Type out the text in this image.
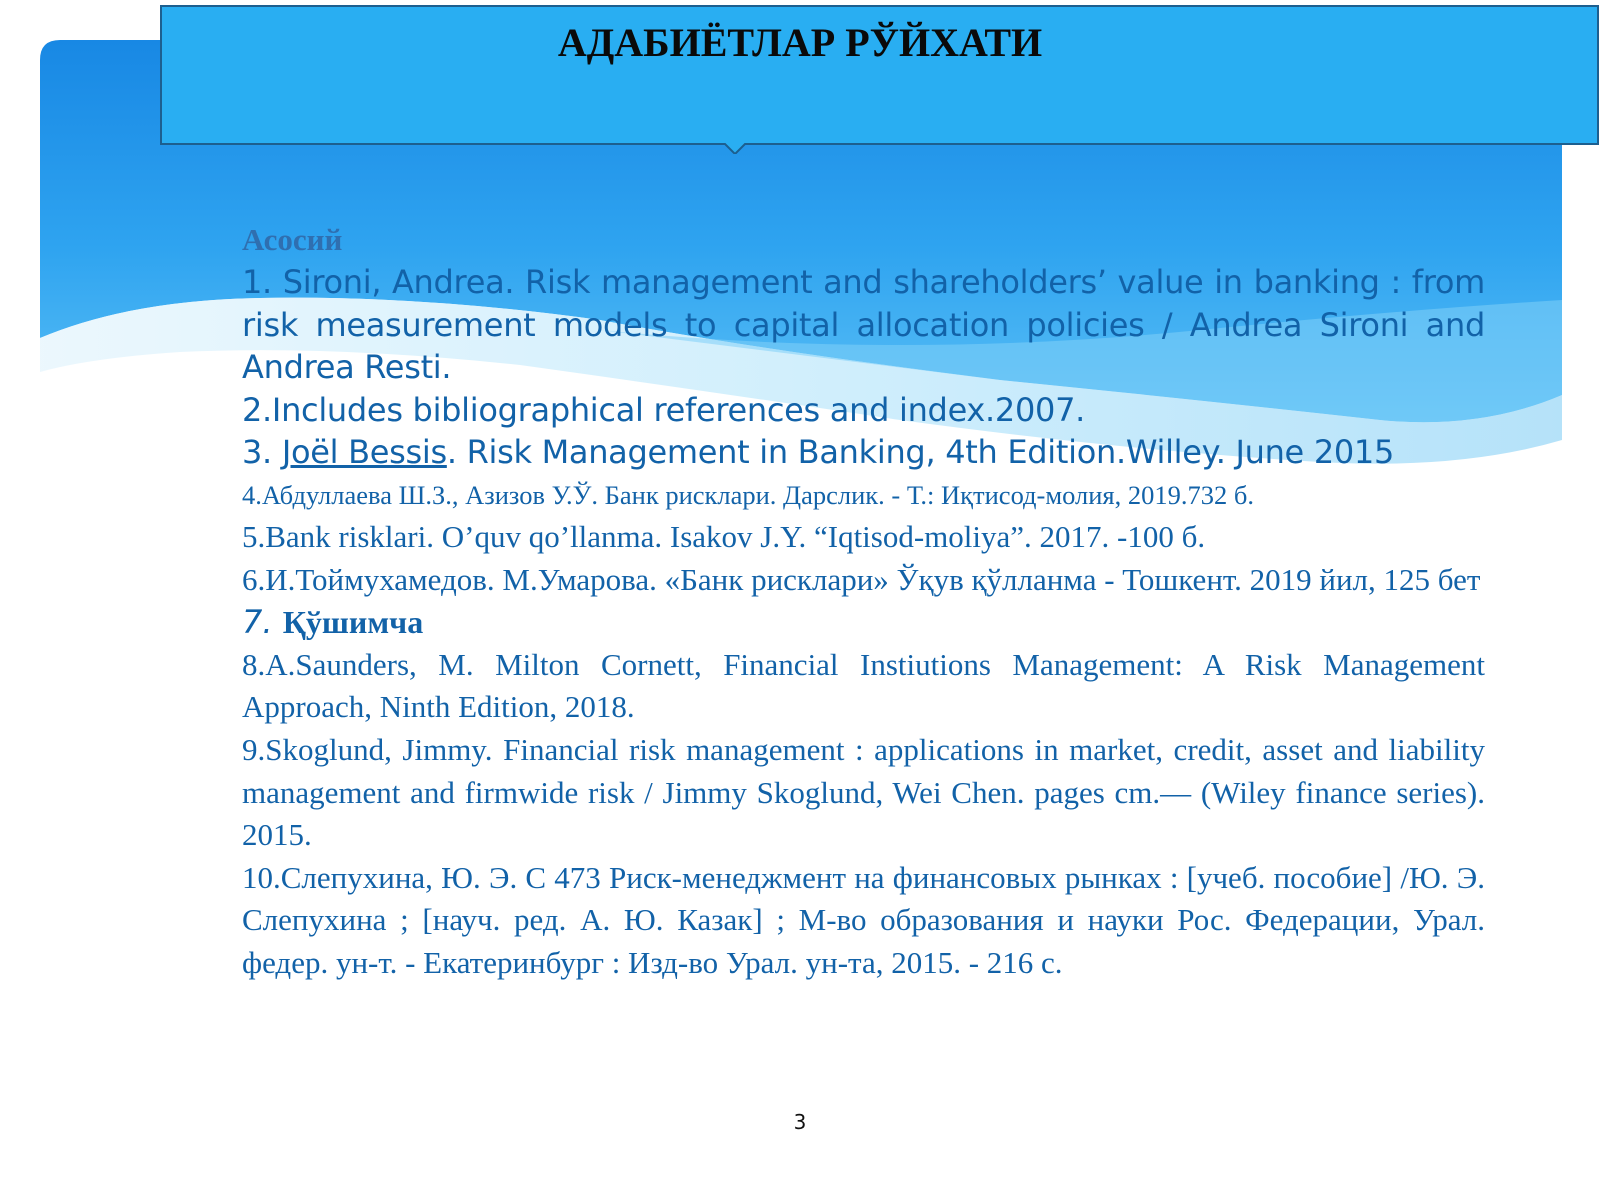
АДАБИЁТЛАР РЎЙХАТИ

Асосий

1. Sironi, Andrea. Risk management and shareholders’ value in banking : from risk measurement models to capital allocation policies / Andrea Sironi and Andrea Resti.

2.Includes bibliographical references and index.2007.

3. Joël Bessis. Risk Management in Banking, 4th Edition.Willey. June 2015

4.Абдуллаева Ш.З., Азизов У.Ў. Банк рисклари. Дарслик. - Т.: Иқтисод-молия, 2019.732 б.

5.Bank risklari. O’quv qo’llanma. Isakov J.Y. “Iqtisod-moliya”. 2017. -100 б.

6.И.Тоймухамедов. М.Умарова. «Банк рисклари» Ўқув қўлланма - Тошкент. 2019 йил, 125 бет

7. Қўшимча

8.A.Saunders, M. Milton Cornett, Financial Instiutions Management: A Risk Management Approach, Ninth Edition, 2018.

9.Skoglund, Jimmy. Financial risk management : applications in market, credit, asset and liability management and firmwide risk / Jimmy Skoglund, Wei Chen. pages cm.— (Wiley finance series). 2015.

10.Слепухина, Ю. Э. С 473 Риск-менеджмент на финансовых рынках : [учеб. пособие] /Ю. Э. Слепухина ; [науч. ред. А. Ю. Казак] ; М-во образования и науки Рос. Федерации, Урал. федер. ун-т. - Екатеринбург : Изд-во Урал. ун-та, 2015. - 216 с.

3
